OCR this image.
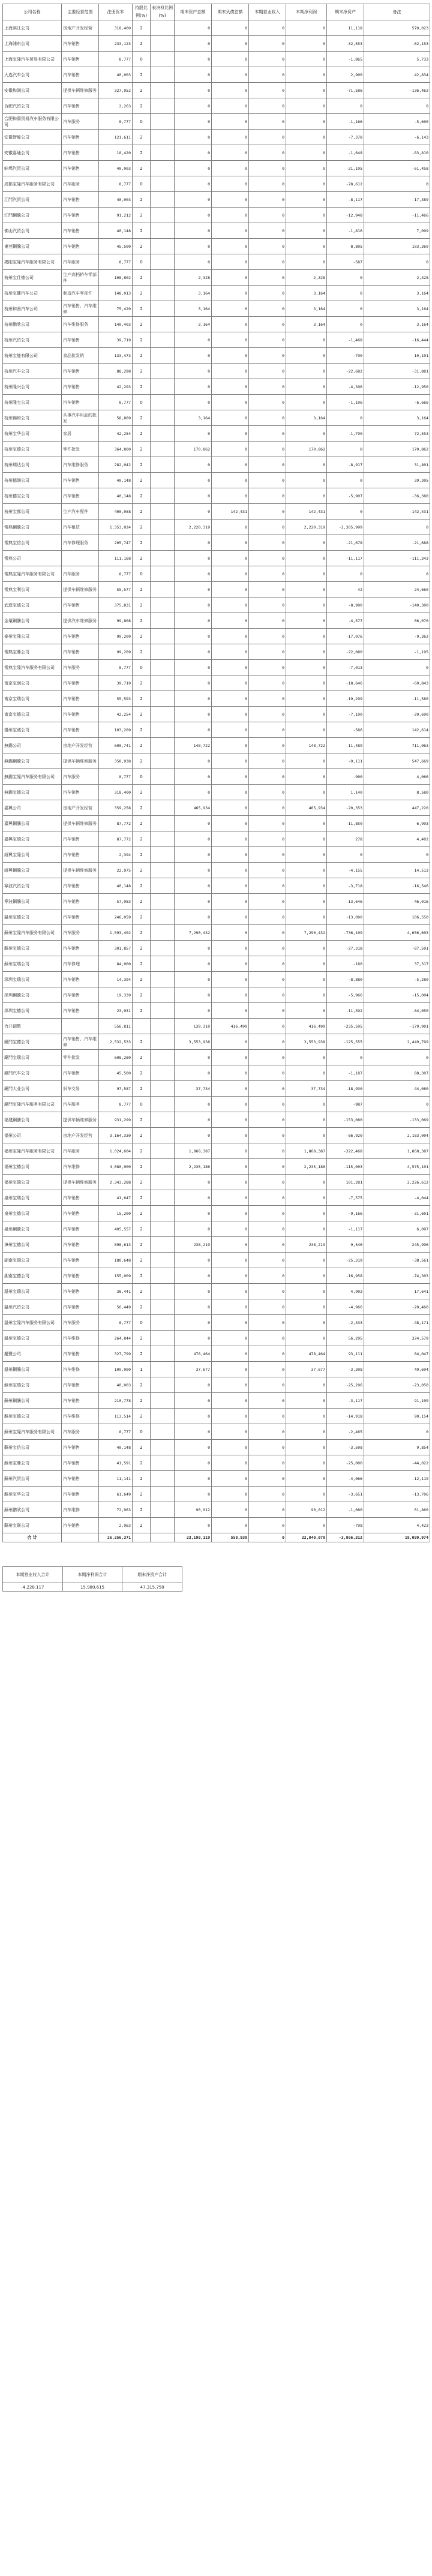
公司名称	主要经营范围	注册资本	持股比例(%)	表决权比例(%)	期末资产总额	期末负债总额	本期营业收入	本期净利润	期末净资产	备注
上海滨江公司	房地产开发经营	318,400	2		0	0	0	0	11,118	570,023
上海浦东公司	汽车销售	233,123	2		0	0	0	0	-32,553	-62,153
上海宝隆汽车贸易有限公司	汽车销售	8,777	0		0	0	0	0	-1,865	5,733
大连汽车公司	汽车销售	40,003	2		0	0	0	0	2,900	42,834
安徽和润公司	提供车辆维修服务	327,952	2		0	0	0	0	-71,586	-136,462
合肥汽贸公司	汽车销售	2,263	2		0	0	0	0	0	0
合肥和颐贸易汽车服务有限公司	汽车服务	8,777	0		0	0	0	0	-1,166	-5,600
安徽智能公司	汽车销售	121,611	2		0	0	0	0	-7,378	-6,143
安徽嘉通公司	汽车销售	18,420	2		0	0	0	0	-1,648	-83,810
蚌埠汽贸公司	汽车销售	40,003	2		0	0	0	0	-21,195	-61,458
成都宝隆汽车服务有限公司	汽车服务	8,777	0		0	0	0	0	-28,612	0
江門汽贸公司	汽车销售	40,003	2		0	0	0	0	-8,117	-17,389
江門鋼騰公司	汽车销售	91,212	2		0	0	0	0	-12,948	-11,466
佛山汽贸公司	汽车销售	40,148	2		0	0	0	0	-1,816	7,099
東莞鋼騰公司	汽车销售	45,500	2		0	0	0	0	8,805	103,369
揭阳宝隆汽车服务有限公司	汽车服务	8,777	0		0	0	0	0	-587	0
杭州宝仕德公司	生产高档轿车零部件	108,802	2		2,328	0	0	2,328	0	2,328
杭州宝健汽车公司	制造汽车零部件	148,013	2		3,164	0	0	3,164	0	3,164
杭州和善汽车公司	汽车销售、汽车维修	75,420	2		3,164	0	0	3,164	0	3,164
杭州鹏欣公司	汽车维修服务	140,403	2		3,164	0	0	3,164	0	3,164
杭州汽贸公司	汽车销售	39,719	2		0	0	0	0	-1,468	-16,444
杭州宝能有限公司	食品批发销	133,473	2		0	0	0	0	-790	10,101
杭州汽车公司	汽车销售	88,298	2		0	0	0	0	-22,682	-31,881
杭州隆兴公司	汽车销售	42,293	2		0	0	0	0	-4,396	-12,950
杭州隆宝公司	汽车销售	8,777	0		0	0	0	0	-1,196	-6,666
杭州锦和公司	从事汽车用品的批发	58,809	2		3,164	0	0	3,164	0	3,164
杭州宝华公司	家居	42,254	2		0	0	0	0	-1,790	72,553
杭州宝德公司	零件批发	364,800	2		170,862	0	0	170,862	0	170,862
杭州瑞达公司	汽车维修服务	282,042	2		0	0	0	0	-8,917	31,801
杭州德润公司	汽车销售	40,148	2		0	0	0	0	0	39,305
杭州德宝公司	汽车销售	40,148	2		0	0	0	0	-5,907	-36,380
杭州宝都公司	生产汽车配件	400,058	2		0	142,431	0	142,431	0	-142,431
常熟鋼騰公司	汽车租赁	1,353,024	2		2,220,319	0	0	2,220,319	-2,305,999	0
常熟宝信公司	汽车修理服务	205,747	2		0	0	0	0	-21,678	-21,688
常熟公司		111,168	2		0	0	0	0	-11,117	-111,343
常熟宝隆汽车服务有限公司	汽车服务	8,777	0		0	0	0	0	0	0
常熟宝利公司	提供车辆维修服务	55,577	2		0	0	0	0	42	24,660
武進宝诚公司	汽车销售	375,831	2		0	0	0	0	-8,990	-140,300
金壇鋼騰公司	提供汽车维修服务	99,808	2		0	0	0	0	-4,577	66,070
泰州宝隆公司	汽车销售	99,209	2		0	0	0	0	-17,076	-9,362
常熟宝鼎公司	汽车销售	99,209	2		0	0	0	0	-22,080	-1,195
常熟宝隆汽车服务有限公司	汽车服务	8,777	0		0	0	0	0	-7,013	0
南京宝润公司	汽车销售	39,719	2		0	0	0	0	-18,646	-60,843
南京宝瑞公司	汽车销售	55,593	2		0	0	0	0	-19,299	-11,580
南京宝德公司	汽车销售	42,254	2		0	0	0	0	-7,190	-29,690
揚州宝诚公司	汽车销售	103,209	2		0	0	0	0	-586	142,614
無錫公司	房地产开发经营	600,741	2		148,722	0	0	148,722	-11,489	711,063
無錫鋼騰公司	提供车辆维修服务	358,938	2		0	0	0	0	-9,111	547,669
無錫宝隆汽车服务有限公司	汽车服务	8,777	0		0	0	0	0	-900	4,066
無錫宝德公司	汽车销售	318,400	2		0	0	0	0	1,140	8,580
嘉興公司	房地产开发经营	359,258	2		465,934	0	0	465,934	-20,353	447,220
嘉興鋼騰公司	提供车辆维修服务	87,772	2		0	0	0	0	-11,850	6,993
嘉興宝瑞公司	汽车销售	87,772	2		0	0	0	0	278	4,402
紹興宝隆公司	汽车销售	2,394	2		0	0	0	0	0	0
紹興鋼騰公司	提供车辆维修服务	22,975	2		0	0	0	0	-4,155	14,513
寧波汽贸公司	汽车销售	40,148	2		0	0	0	0	-3,718	-16,546
寧波鋼騰公司	汽车销售	57,983	2		0	0	0	0	-13,646	-46,016
溫州宝德公司	汽车销售	246,059	2		0	0	0	0	-13,090	106,550
蘇州宝隆汽车服务有限公司	汽车服务	1,593,402	2		7,290,432	0	0	7,290,432	-736,109	4,656,603
蘇州宝德公司	汽车销售	301,857	2		0	0	0	0	-27,318	-87,591
蘇州宝瑞公司	汽车修理	84,000	2		0	0	0	0	-180	37,317
深圳宝瑞公司	汽车销售	14,394	2		0	0	0	0	-8,880	-5,280
深圳鋼騰公司	汽车销售	19,339	2		0	0	0	0	-5,966	-15,004
深圳宝德公司	汽车销售	23,031	2		0	0	0	0	-11,392	-84,050
合并调整		556,811			139,310	416,499	0	416,499	-235,595	-179,901
廈門宝德公司	汽车销售、汽车维修	2,532,533	2		3,553,938	0	0	3,553,938	-125,555	2,449,799
廈門宝瑞公司	零件批发	608,280	2		0	0	0	0	0	0
廈門汽车公司	汽车销售	45,500	2		0	0	0	0	-1,187	88,307
廈門大业公司	旧车交易	97,587	2		37,734	0	0	37,734	-18,930	44,080
廈門宝隆汽车服务有限公司	汽车服务	8,777	0		0	0	0	0	-987	0
福建鋼騰公司	提供车辆维修服务	931,299	2		0	0	0	0	-153,080	-133,069
福州公司	房地产开发经营	3,164,330	2		0	0	0	0	-86,920	2,183,004
福州宝隆汽车服务有限公司	汽车服务	1,024,604	2		1,868,387	0	0	1,868,387	-322,468	1,868,387
福州宝德公司	汽车维修	4,080,000	2		2,235,186	0	0	2,235,186	-115,003	4,575,101
福州宝瑞公司	提供车辆维修服务	2,343,288	2		0	0	0	0	101,281	2,226,612
泉州宝瑞公司	汽车销售	41,647	2		0	0	0	0	-7,575	-4,044
泉州宝德公司	汽车销售	15,200	2		0	0	0	0	-9,166	-31,601
泉州鋼騰公司	汽车销售	405,557	2		0	0	0	0	-1,117	6,097
漳州宝德公司	汽车销售	898,613	2		238,219	0	0	238,219	9,546	245,996
湖南宝瑞公司	汽车销售	180,648	2		0	0	0	0	-25,319	-38,561
湖南宝德公司	汽车销售	155,009	2		0	0	0	0	-16,958	-74,303
溫州宝瑞公司	汽车销售	38,441	2		0	0	0	0	4,902	17,641
溫州汽贸公司	汽车销售	56,449	2		0	0	0	0	-4,966	-20,460
溫州宝隆汽车服务有限公司	汽车服务	8,777	0		0	0	0	0	-2,333	-48,171
溫州宝德公司	汽车维修	264,844	2		0	0	0	0	56,295	324,579
慶豐公司	汽车销售	327,799	2		478,464	0	0	478,464	93,111	84,047
溫州鋼騰公司	汽车维修	109,000	1		37,677	0	0	37,677	-3,308	49,694
蘇州宝瑞公司	汽车销售	40,003	2		0	0	0	0	-25,296	-23,050
蘇州鋼騰公司	汽车销售	210,778	2		0	0	0	0	-3,117	91,109
蘇州宝德公司	汽车维修	113,514	2		0	0	0	0	-14,918	90,154
蘇州宝隆汽车服务有限公司	汽车服务	8,777	0		0	0	0	0	-2,465	0
蘇州宝信公司	汽车销售	40,148	2		0	0	0	0	-3,508	9,854
蘇州宝鼎公司	汽车销售	41,591	2		0	0	0	0	-25,000	-44,022
蘇州汽贸公司	汽车销售	11,141	2		0	0	0	0	-4,066	-12,119
蘇州宝华公司	汽车销售	61,649	2		0	0	0	0	-3,651	-13,706
蘇州鹏欣公司	汽车维修	72,963	2		90,012	0	0	90,012	-1,080	61,860
蘇州宝联公司	汽车销售	2,963	2		0	0	0	0	-798	4,423
合 计		26,256,371			23,198,119	558,930	0	22,840,070	-3,866,312	19,099,974
本期营业收入合计	本期净利润合计	期末净资产合计
-4,228,117	15,980,615	47,315,750
